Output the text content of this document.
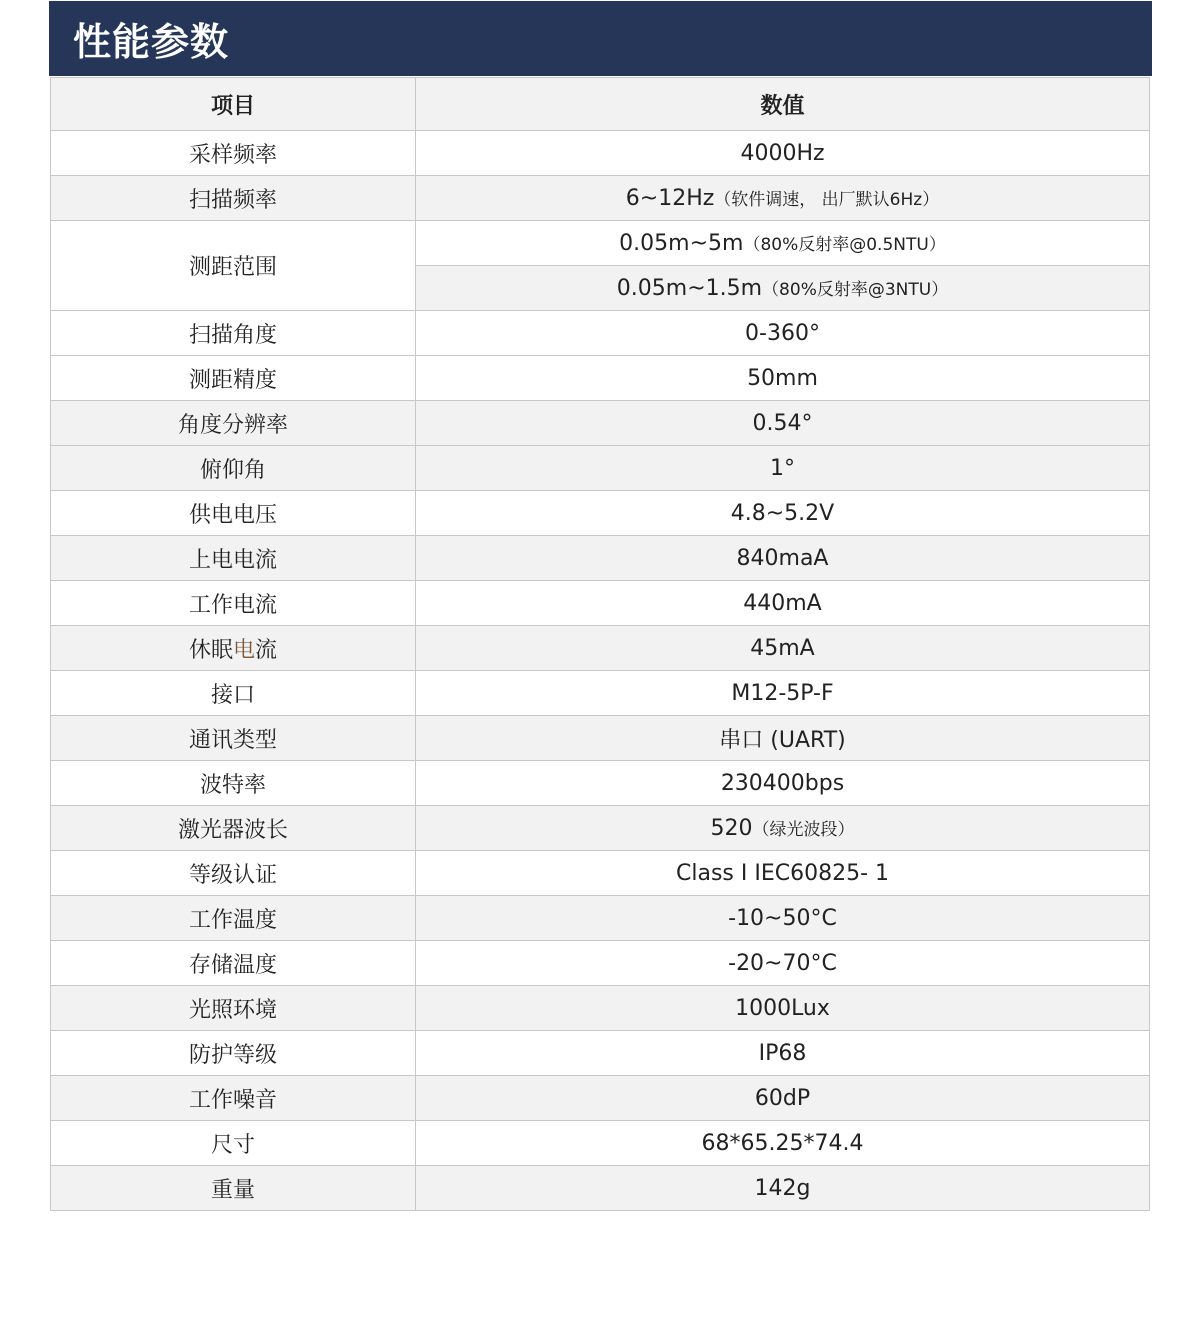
性能参数
项目	数值
采样频率	4000Hz
扫描频率	6~12Hz（软件调速， 出厂默认6Hz）
测距范围	0.05m~5m（80%反射率@0.5NTU）
	0.05m~1.5m（80%反射率@3NTU）
扫描角度	0-360°
测距精度	50mm
角度分辨率	0.54°
俯仰角	1°
供电电压	4.8~5.2V
上电电流	840maA
工作电流	440mA
休眠电流	45mA
接口	M12-5P-F
通讯类型	串口 (UART)
波特率	230400bps
激光器波长	520（绿光波段）
等级认证	Class I IEC60825- 1
工作温度	-10~50°C
存储温度	-20~70°C
光照环境	1000Lux
防护等级	IP68
工作噪音	60dP
尺寸	68*65.25*74.4
重量	142g
